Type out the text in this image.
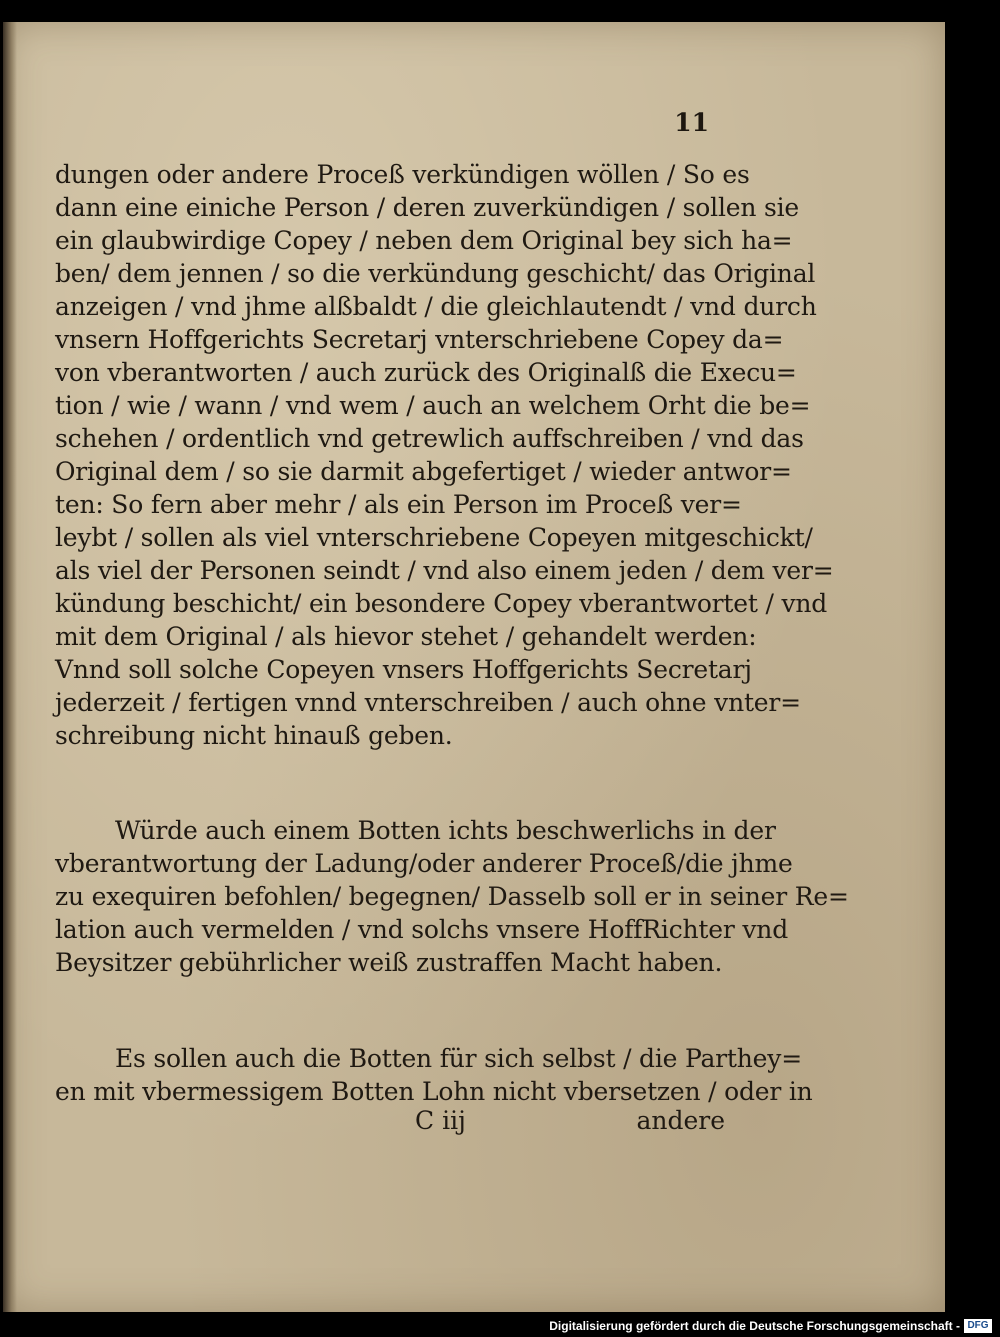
11
dungen oder andere Proceß verkündigen wöllen / So es
dann eine einiche Person / deren zuverkündigen / sollen sie
ein glaubwirdige Copey / neben dem Original bey sich ha=
ben/ dem jennen / so die verkündung geschicht/ das Original
anzeigen / vnd jhme alßbaldt / die gleichlautendt / vnd durch
vnsern Hoffgerichts Secretarj vnterschriebene Copey da=
von vberantworten / auch zurück des Originalß die Execu=
tion / wie / wann / vnd wem / auch an welchem Orht die be=
schehen / ordentlich vnd getrewlich auffschreiben / vnd das
Original dem / so sie darmit abgefertiget / wieder antwor=
ten: So fern aber mehr / als ein Person im Proceß ver=
leybt / sollen als viel vnterschriebene Copeyen mitgeschickt/
als viel der Personen seindt / vnd also einem jeden / dem ver=
kündung beschicht/ ein besondere Copey vberantwortet / vnd
mit dem Original / als hievor stehet / gehandelt werden:
Vnnd soll solche Copeyen vnsers Hoffgerichts Secretarj
jederzeit / fertigen vnnd vnterschreiben / auch ohne vnter=
schreibung nicht hinauß geben.
Würde auch einem Botten ichts beschwerlichs in der
vberantwortung der Ladung/oder anderer Proceß/die jhme
zu exequiren befohlen/ begegnen/ Dasselb soll er in seiner Re=
lation auch vermelden / vnd solchs vnsere HoffRichter vnd
Beysitzer gebührlicher weiß zustraffen Macht haben.
Es sollen auch die Botten für sich selbst / die Parthey=
en mit vbermessigem Botten Lohn nicht vbersetzen / oder in
C iij	andere
Digitalisierung gefördert durch die Deutsche Forschungsgemeinschaft - DFG
